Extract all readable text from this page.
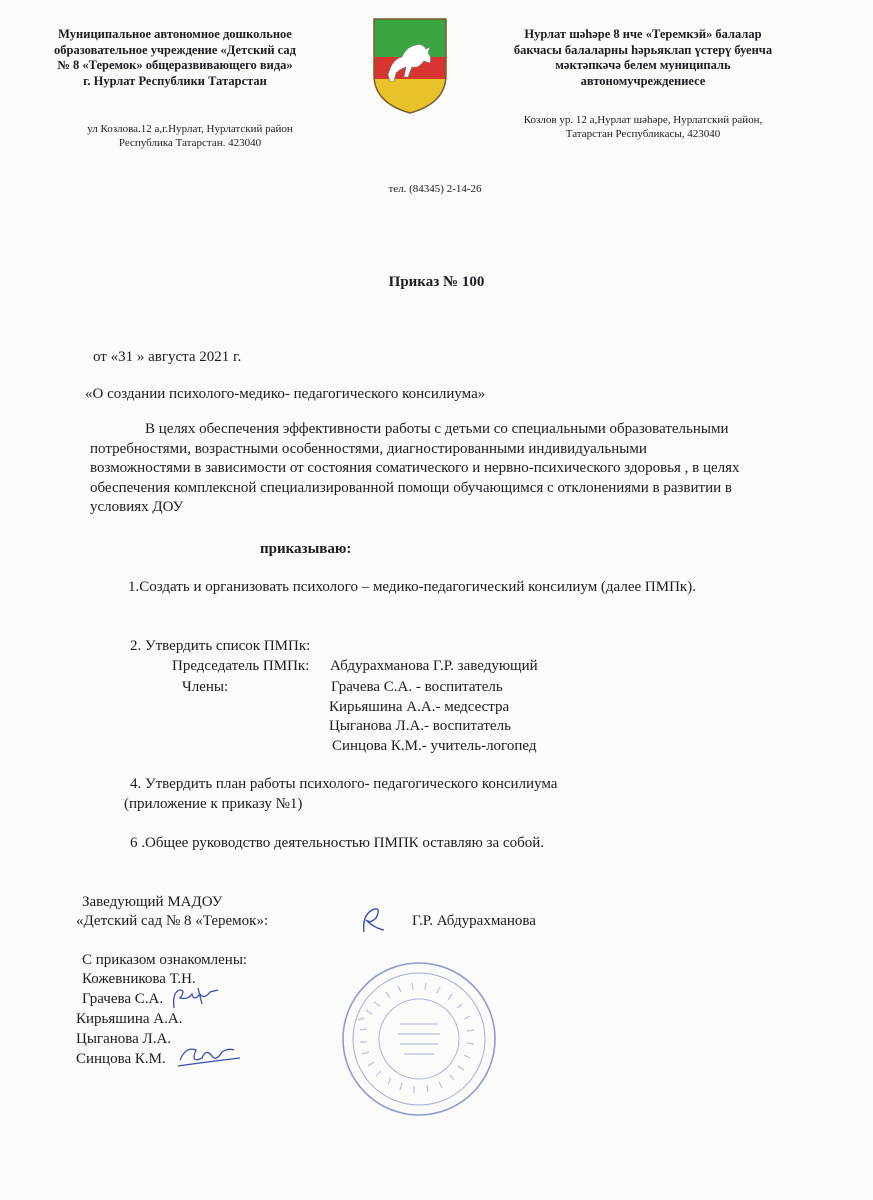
Муниципальное автономное дошкольное
образовательное учреждение «Детский сад
№ 8 «Теремок» общеразвивающего вида»
г. Нурлат Республики Татарстан
Нурлат шәһәре 8 нче «Теремкэй» балалар
бакчасы балаларны һәрьяклап үстерү буенча
мәктәпкәчә белем муниципаль
автономучреждениесе
ул Козлова.12 а,г.Нурлат, Нурлатский район
Республика Татарстан. 423040
Козлов ур. 12 а,Нурлат шәһәре, Нурлатский район,
Татарстан Республикасы, 423040
тел. (84345) 2-14-26
Приказ № 100
от «31 » августа 2021 г.
«О создании психолого-медико- педагогического консилиума»
В целях обеспечения эффективности работы с детьми со специальными образовательными
потребностями, возрастными особенностями, диагностированными индивидуальными
возможностями в зависимости от состояния соматического и нервно-психического здоровья , в целях
обеспечения комплексной специализированной помощи обучающимся с отклонениями в развитии в
условиях ДОУ
приказываю:
1.Создать и организовать психолого – медико-педагогический консилиум (далее ПМПк).
2. Утвердить список ПМПк:
Председатель ПМПк: Абдурахманова Г.Р. заведующий
Члены:	Грачева С.А. - воспитатель
Кирьяшина А.А.- медсестра
Цыганова Л.А.- воспитатель
Синцова К.М.- учитель-логопед
4. Утвердить план работы психолого- педагогического консилиума
(приложение к приказу №1)
6 .Общее руководство деятельностью ПМПК оставляю за собой.
Заведующий МАДОУ
«Детский сад № 8 «Теремок»:	Г.Р. Абдурахманова
С приказом ознакомлены:
Кожевникова Т.Н.
Грачева С.А.
Кирьяшина А.А.
Цыганова Л.А.
Синцова К.М.
